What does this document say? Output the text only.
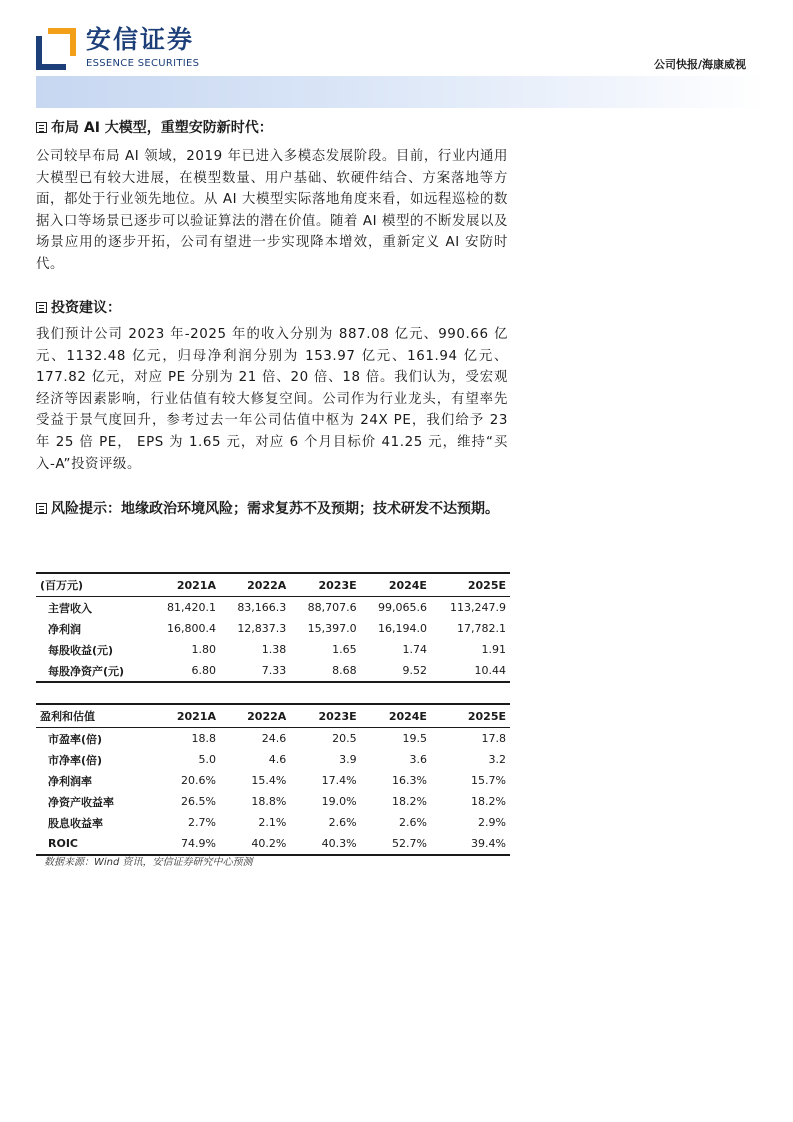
安信证券
ESSENCE SECURITIES	公司快报/海康威视

布局 AI 大模型，重塑安防新时代：

公司较早布局 AI 领域，2019 年已进入多模态发展阶段。目前，行业内通用大模型已有较大进展，在模型数量、用户基础、软硬件结合、方案落地等方面，都处于行业领先地位。从 AI 大模型实际落地角度来看，如远程巡检的数据入口等场景已逐步可以验证算法的潜在价值。随着 AI 模型的不断发展以及场景应用的逐步开拓，公司有望进一步实现降本增效，重新定义 AI 安防时代。

投资建议：

我们预计公司 2023 年-2025 年的收入分别为 887.08 亿元、990.66 亿元、1132.48 亿元，归母净利润分别为 153.97 亿元、161.94 亿元、177.82 亿元，对应 PE 分别为 21 倍、20 倍、18 倍。我们认为，受宏观经济等因素影响，行业估值有较大修复空间。公司作为行业龙头，有望率先受益于景气度回升，参考过去一年公司估值中枢为 24X PE，我们给予 23 年 25 倍 PE， EPS 为 1.65 元，对应 6 个月目标价 41.25 元，维持“买入-A”投资评级。

风险提示：地缘政治环境风险；需求复苏不及预期；技术研发不达预期。

(百万元)	2021A	2022A	2023E	2024E	2025E
主营收入	81,420.1	83,166.3	88,707.6	99,065.6	113,247.9
净利润	16,800.4	12,837.3	15,397.0	16,194.0	17,782.1
每股收益(元)	1.80	1.38	1.65	1.74	1.91
每股净资产(元)	6.80	7.33	8.68	9.52	10.44

盈利和估值	2021A	2022A	2023E	2024E	2025E
市盈率(倍)	18.8	24.6	20.5	19.5	17.8
市净率(倍)	5.0	4.6	3.9	3.6	3.2
净利润率	20.6%	15.4%	17.4%	16.3%	15.7%
净资产收益率	26.5%	18.8%	19.0%	18.2%	18.2%
股息收益率	2.7%	2.1%	2.6%	2.6%	2.9%
ROIC	74.9%	40.2%	40.3%	52.7%	39.4%
数据来源：Wind 资讯，安信证券研究中心预测
